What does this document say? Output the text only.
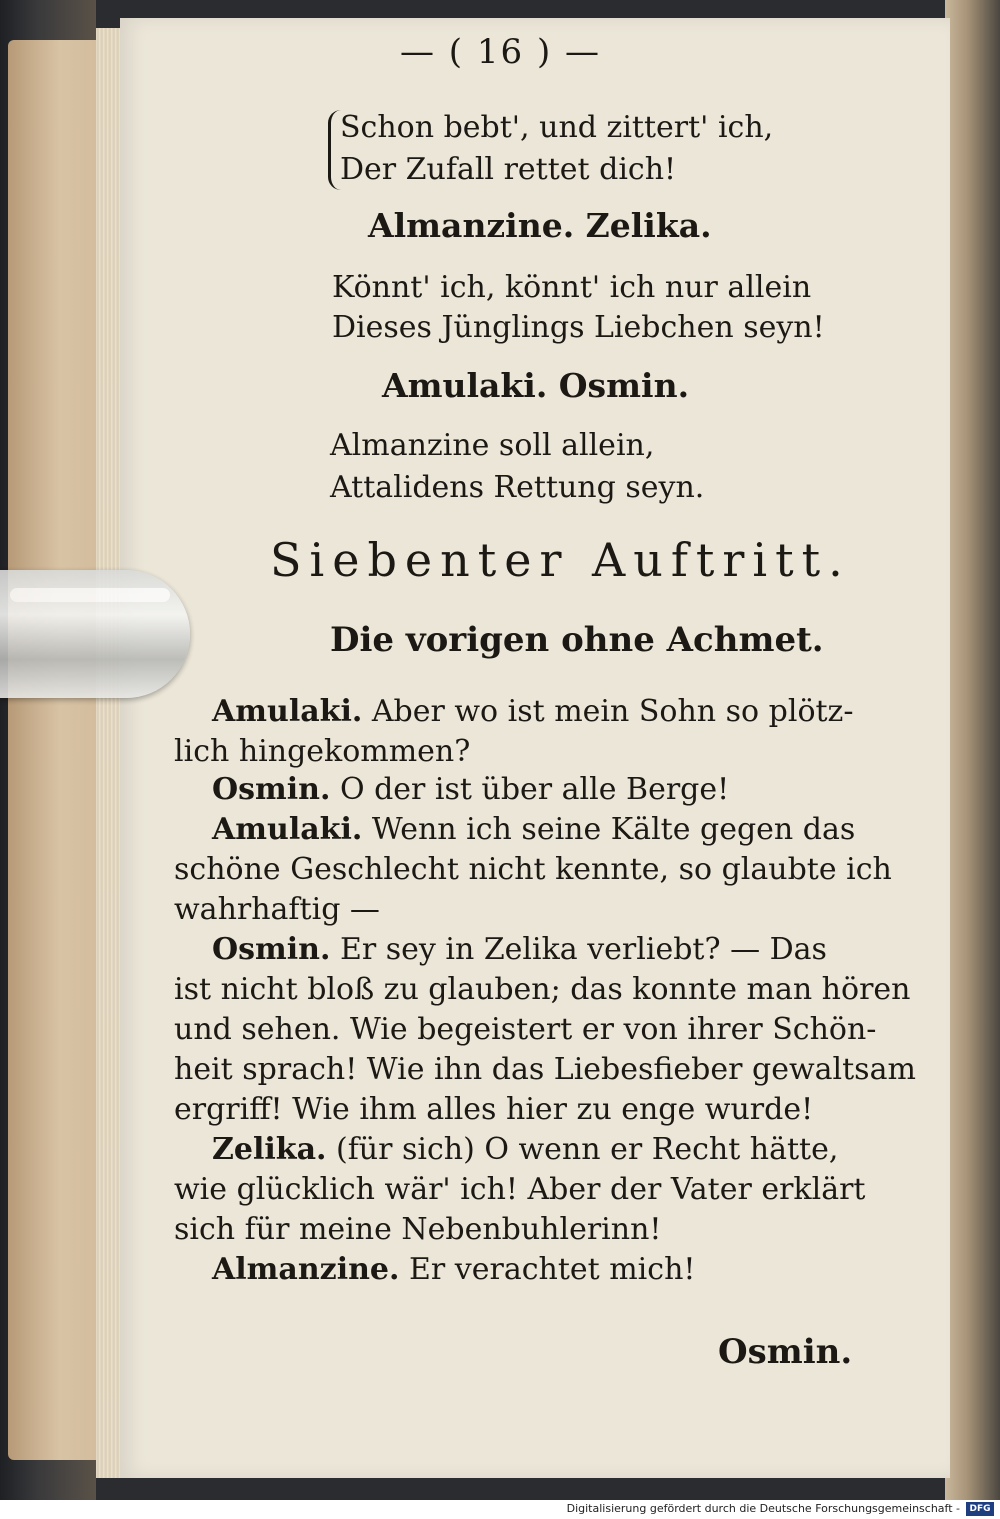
— ( 16 ) —

Schon bebt', und zittert' ich,

Der Zufall rettet dich!

Almanzine. Zelika.

Könnt' ich, könnt' ich nur allein

Dieses Jünglings Liebchen seyn!

Amulaki. Osmin.

Almanzine soll allein,

Attalidens Rettung seyn.

Siebenter Auftritt.

Die vorigen ohne Achmet.

Amulaki. Aber wo ist mein Sohn so plötz-

lich hingekommen?

Osmin. O der ist über alle Berge!

Amulaki. Wenn ich seine Kälte gegen das

schöne Geschlecht nicht kennte, so glaubte ich

wahrhaftig —

Osmin. Er sey in Zelika verliebt? — Das

ist nicht bloß zu glauben; das konnte man hören

und sehen. Wie begeistert er von ihrer Schön-

heit sprach! Wie ihn das Liebesfieber gewaltsam

ergriff! Wie ihm alles hier zu enge wurde!

Zelika. (für sich) O wenn er Recht hätte,

wie glücklich wär' ich! Aber der Vater erklärt

sich für meine Nebenbuhlerinn!

Almanzine. Er verachtet mich!

Osmin.

Digitalisierung gefördert durch die Deutsche Forschungsgemeinschaft -	DFG
